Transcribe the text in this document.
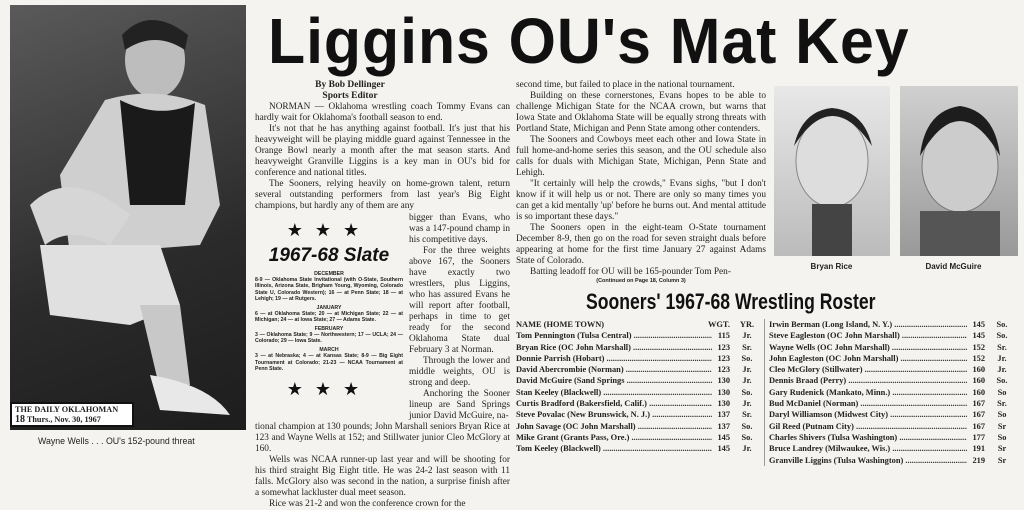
THE DAILY OKLAHOMAN
18 Thurs., Nov. 30, 1967
Wayne Wells . . . OU's 152-pound threat
Liggins OU's Mat Key
By Bob Dellinger
Sports Editor

NORMAN — Oklahoma wrestling coach Tommy Evans can hardly wait for Oklahoma's football season to end.

It's not that he has anything against football. It's just that his heavyweight will be playing middle guard against Tennessee in the Orange Bowl nearly a month after the mat season starts. And heavyweight Granville Liggins is a key man in OU's bid for conference and national titles.

The Sooners, relying heavily on home-grown talent, return several outstanding performers from last year's Big Eight champions, but hardly any of them are any

★★★
1967-68 Slate
DECEMBER
8-9 — Oklahoma State Invitational (with O-State, Southern Illinois, Arizona State, Brigham Young, Wyoming, Colorado State U, Colorado Western); 16 — at Penn State; 18 — at Lehigh; 19 — at Rutgers.
JANUARY
6 — at Oklahoma State; 20 — at Michigan State; 22 — at Michigan; 24 — at Iowa State; 27 — Adams State.
FEBRUARY
3 — Oklahoma State; 9 — Northwestern; 17 — UCLA; 24 — Colorado; 29 — Iowa State.
MARCH
3 — at Nebraska; 4 — at Kansas State; 8-9 — Big Eight Tournament at Colorado; 21-23 — NCAA Tournament at Penn State.
★★★

bigger than Evans, who was a 147-pound champ in his competitive days.

For the three weights above 167, the Sooners have exactly two wrestlers, plus Liggins, who has assured Evans he will report after football, perhaps in time to get ready for the second Oklahoma State dual February 3 at Norman.

Through the lower and middle weights, OU is strong and deep.

Anchoring the Sooner lineup are Sand Springs junior David McGuire, na-

tional champion at 130 pounds; John Marshall seniors Bryan Rice at 123 and Wayne Wells at 152; and Stillwater junior Cleo McGlory at 160.

Wells was NCAA runner-up last year and will be shooting for his third straight Big Eight title. He was 24-2 last season with 11 falls. McGlory also was second in the nation, a surprise finish after a somewhat lackluster dual meet season.

Rice was 21-2 and won the conference crown for the

second time, but failed to place in the national tournament.

Building on these cornerstones, Evans hopes to be able to challenge Michigan State for the NCAA crown, but warns that Iowa State and Oklahoma State will be equally strong threats with Portland State, Michigan and Penn State among other contenders.

The Sooners and Cowboys meet each other and Iowa State in full home-and-home series this season, and the OU schedule also calls for duals with Michigan State, Michigan, Penn State and Lehigh.

"It certainly will help the crowds," Evans sighs, "but I don't know if it will help us or not. There are only so many times you can get a kid mentally 'up' before he burns out. And mental attitude is so important these days."

The Sooners open in the eight-team O-State tournament December 8-9, then go on the road for seven straight duals before appearing at home for the first time January 27 against Adams State of Colorado.

Batting leadoff for OU will be 165-pounder Tom Pen-

(Continued on Page 18, Column 3)
Bryan Rice	David McGuire
Sooners' 1967-68 Wrestling Roster
NAME (HOME TOWN)	WGT.	YR.
Tom Pennington (Tulsa Central) .....	115	Jr.
Bryan Rice (OC John Marshall) .....	123	Sr.
Donnie Parrish (Hobart) .....	123	So.
David Abercrombie (Norman) .....	123	Jr.
David McGuire (Sand Springs .....	130	Jr.
Stan Keeley (Blackwell) .....	130	So.
Curtis Bradford (Bakersfield, Calif.) .....	130	Jr.
Steve Povalac (New Brunswick, N. J.) .....	137	Sr.
John Savage (OC John Marshall) .....	137	So.
Mike Grant (Grants Pass, Ore.) .....	145	So.
Tom Keeley (Blackwell) .....	145	Jr.
Irwin Berman (Long Island, N. Y.) .....	145	So.
Steve Eagleston (OC John Marshall) .....	145	So.
Wayne Wells (OC John Marshall) .....	152	Sr.
John Eagleston (OC John Marshall) .....	152	Jr.
Cleo McGlory (Stillwater) .....	160	Jr.
Dennis Braad (Perry) .....	160	So.
Gary Rudenick (Mankato, Minn.) .....	160	So
Bud McDaniel (Norman) .....	167	Sr.
Daryl Williamson (Midwest City) .....	167	So
Gil Reed (Putnam City) .....	167	Sr
Charles Shivers (Tulsa Washington) .....	177	So
Bruce Landrey (Milwaukee, Wis.) .....	191	Sr
Granville Liggins (Tulsa Washington) .....	219	Sr
